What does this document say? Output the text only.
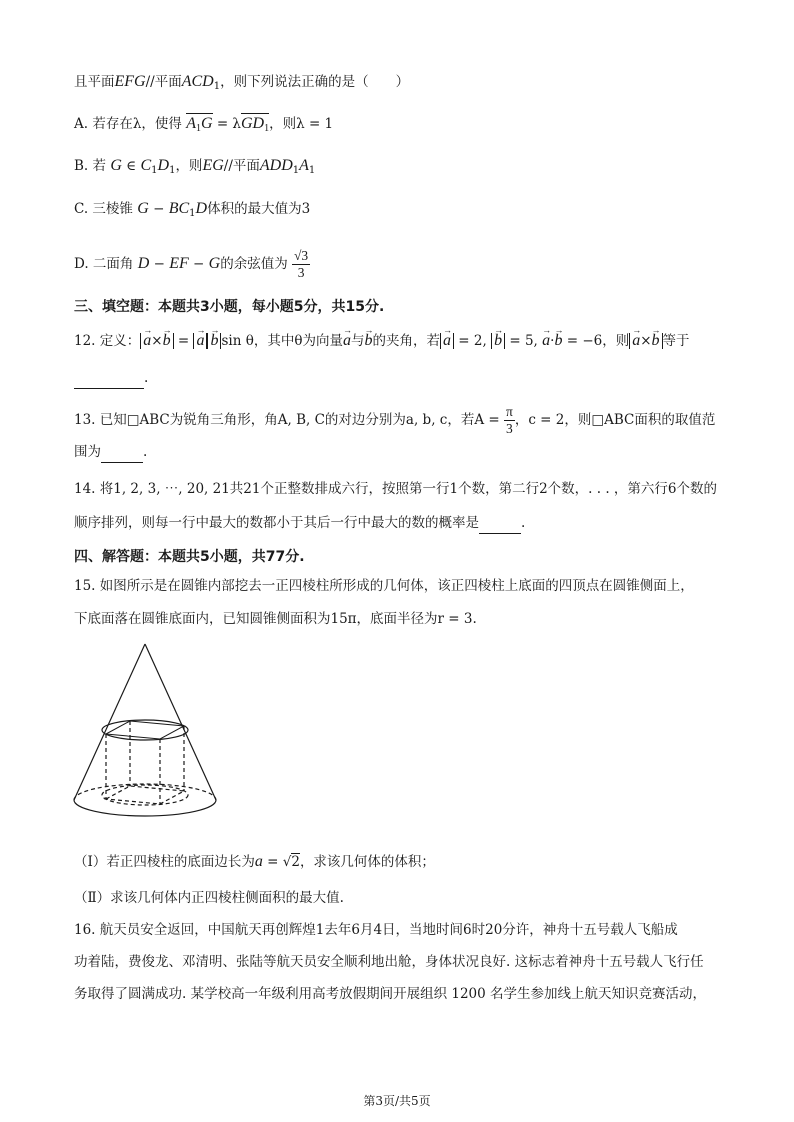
且平面EFG//平面$ACD_1$，则下列说法正确的是（　　）
A. 若存在λ，使得 $A_1G = \lambda GD_1$，则λ = 1
B. 若 G ∈ $C_1D_1$，则EG//平面$ADD_1A_1$
C. 三棱锥 $G - BC_1D$体积的最大值为3
D. 二面角 D − EF − G的余弦值为 $\frac{√3}{3}$
三、填空题：本题共3小题，每小题5分，共15分.
12. 定义： → a×→ b = → a → b sin θ，其中θ为向量→ a与→ b的夹角，若 → a = 2, → b = 5, → a·→ b = −6，则 → a×→ b 等于
.
13. 已知□ABC为锐角三角形，角A, B, C的对边分别为a, b, c，若$A = \frac{\pi}{3}$ ，c = 2，则□ABC面积的取值范
围为	.
14. 将1, 2, 3, ⋯, 20, 21共21个正整数排成六行，按照第一行1个数，第二行2个数，. . . ，第六行6个数的
顺序排列，则每一行中最大的数都小于其后一行中最大的数的概率是	.
四、解答题：本题共5小题，共77分.
15. 如图所示是在圆锥内部挖去一正四棱柱所形成的几何体，该正四棱柱上底面的四顶点在圆锥侧面上，
下底面落在圆锥底面内，已知圆锥侧面积为15π，底面半径为r = 3.
（Ⅰ）若正四棱柱的底面边长为a = √2，求该几何体的体积；
（Ⅱ）求该几何体内正四棱柱侧面积的最大值.
16. 航天员安全返回，中国航天再创辉煌1去年6月4日，当地时间6时20分许，神舟十五号载人飞船成
功着陆，费俊龙、邓清明、张陆等航天员安全顺利地出舱，身体状况良好. 这标志着神舟十五号载人飞行任
务取得了圆满成功. 某学校高一年级利用高考放假期间开展组织 1200 名学生参加线上航天知识竞赛活动，
第3页/共5页
